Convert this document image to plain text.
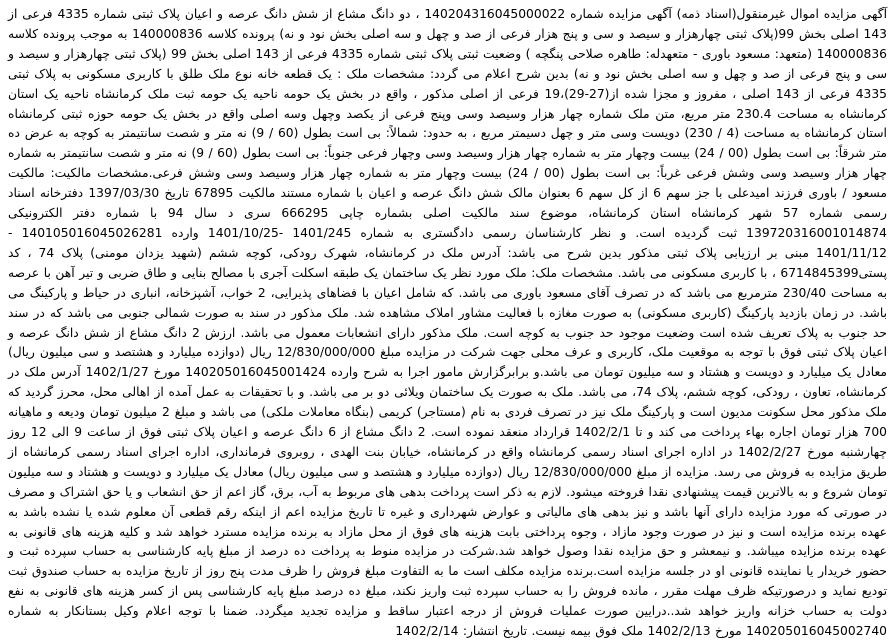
آگهی مزایده اموال غیرمنقول(اسناد ذمه) آگهی مزایده شماره 140204316045000022 ، دو دانگ مشاع از شش دانگ عرصه و اعیان پلاک ثبتی شماره 4335 فرعی از 143 اصلی بخش 99(پلاک ثبتی چهارهزار و سیصد و سی و پنج هزار فرعی از صد و چهل و سه اصلی بخش نود و نه) پرونده کلاسه 140000836 به موجب پرونده کلاسه 140000836 (متعهد: مسعود باوری - متعهدله: طاهره صلاحی پنگچه ) وضعیت ثبتی پلاک ثبتی شماره 4335 فرعی از 143 اصلی بخش 99 (پلاک ثبتی چهارهزار و سیصد و سی و پنج فرعی از صد و چهل و سه اصلی بخش نود و نه) بدین شرح اعلام می گردد: مشخصات ملک : یک قطعه خانه نوع ملک طلق با کاربری مسکونی به پلاک ثبتی 4335 فرعی از 143 اصلی ، مفروز و مجزا شده از(27-29)،19 فرعی از اصلی مذکور ، واقع در بخش یک حومه ناحیه یک حومه ثبت ملک کرمانشاه ناحیه یک استان کرمانشاه به مساحت 230.4 متر مربع، متن ملک شماره چهار هزار وسیصد وسی وپنج فرعی از یکصد وچهل وسه اصلی واقع در بخش یک حومه حوزه ثبتی کرمانشاه استان کرمانشاه به مساحت (4 / 230) دویست وسی متر و چهل دسیمتر مربع ، به حدود: شمالاً: بی است بطول (60 / 9) نه متر و شصت سانتیمتر به کوچه به عرض ده متر شرقاً: بی است بطول (00 / 24) بیست وچهار متر به شماره چهار هزار وسیصد وسی وچهار فرعی جنوباً: بی است بطول (60 / 9) نه متر و شصت سانتیمتر به شماره چهار هزار وسیصد وسی وشش فرعی غرباً: بی است بطول (00 / 24) بیست وچهار متر به شماره چهار هزار وسیصد وسی وشش فرعی.مشخصات مالکیت: مالکیت مسعود / باوری فرزند امیدعلی با جز سهم 6 از کل سهم 6 بعنوان مالک شش دانگ عرصه و اعیان با شماره مستند مالکیت 67895 تاریخ 1397/03/30 دفترخانه اسناد رسمی شماره 57 شهر کرمانشاه استان کرمانشاه، موضوع سند مالکیت اصلی بشماره چاپی 666295 سری د سال 94 با شماره دفتر الکترونیکی 139720316001014874 ثبت گردیده است. و نظر کارشناسان رسمی دادگستری به شماره 1401/245 -1401/10/25 وارده 140105016045026281 - 1401/11/12 مبنی بر ارزیابی پلاک ثبتی مذکور بدین شرح می باشد: آدرس ملک در کرمانشاه، شهرک رودکی، کوچه ششم (شهید یزدان مومنی) پلاک 74 ، کد پستی6714845399 ، با کاربری مسکونی می باشد. مشخصات ملک: ملک مورد نظر یک ساختمان یک طبقه اسکلت آجری با مصالح بنایی و طاق ضربی و تیر آهن با عرصه به مساحت 230/40 مترمربع می باشد که در تصرف آقای مسعود باوری می باشد. که شامل اعیان با فضاهای پذیرایی، 2 خواب، آشپزخانه، انباری در حیاط و پارکینگ می باشد. در زمان بازدید پارکینگ (کاربری مسکونی) به صورت مغازه با فعالیت مشاور املاک مشاهده شد. ملک مذکور در سند به صورت شمالی جنوبی می باشد که در سند حد جنوب به پلاک تعریف شده است وضعیت موجود حد جنوب به کوچه است. ملک مذکور دارای انشعابات معمول می باشد. ارزش 2 دانگ مشاع از شش دانگ عرصه و اعیان پلاک ثبتی فوق با توجه به موقعیت ملک، کاربری و عرف محلی جهت شرکت در مزایده مبلغ 12/830/000/000 ریال (دوازده میلیارد و هشتصد و سی میلیون ریال) معادل یک میلیارد و دویست و هشتاد و سه میلیون تومان می باشد.و برابرگزارش مامور اجرا به شرح وارده 140205016045001424 مورخ 1402/1/27 آدرس ملک در کرمانشاه، تعاون ، رودکی، کوچه ششم، پلاک 74، می باشد. ملک به صورت یک ساختمان ویلائی دو بر می باشد. و با تحقیقات به عمل آمده از اهالی محل، محرز گردید که ملک مذکور محل سکونت مدیون است و پارکینگ ملک نیز در تصرف فردی به نام (مستاجر) کریمی (بنگاه معاملات ملکی) می باشد و مبلغ 2 میلیون تومان ودیعه و ماهیانه 700 هزار تومان اجاره بهاء پرداخت می کند و تا 1402/2/1 قرارداد منعقد نموده است. 2 دانگ مشاع از 6 دانگ عرصه و اعیان پلاک ثبتی فوق از ساعت 9 الی 12 روز چهارشنبه مورخ 1402/2/27 در اداره اجرای اسناد رسمی کرمانشاه واقع در کرمانشاه، خیابان بنت الهدی ، روبروی فرمانداری، اداره اجرای اسناد رسمی کرمانشاه از طریق مزایده به فروش می رسد. مزایده از مبلغ 12/830/000/000 ریال (دوازده میلیارد و هشتصد و سی میلیون ریال) معادل یک میلیارد و دویست و هشتاد و سه میلیون تومان شروع و به بالاترین قیمت پیشنهادی نقدا فروخته میشود. لازم به ذکر است پرداخت بدهی های مربوط به آب، برق، گاز اعم از حق انشعاب و یا حق اشتراک و مصرف در صورتی که مورد مزایده دارای آنها باشد و نیز بدهی های مالیاتی و عوارض شهرداری و غیره تا تاریخ مزایده اعم از اینکه رقم قطعی آن معلوم شده یا نشده باشد به عهده برنده مزایده است و نیز در صورت وجود مازاد ، وجوه پرداختی بابت هزینه های فوق از محل مازاد به برنده مزایده مسترد خواهد شد و کلیه هزینه های قانونی به عهده برنده مزایده میباشد. و نیمعشر و حق مزایده نقدا وصول خواهد شد.شرکت در مزایده منوط به پرداخت ده درصد از مبلغ پایه کارشناسی به حساب سپرده ثبت و حضور خریدار یا نماینده قانونی او در جلسه مزایده است.برنده مزایده مکلف است ما به التفاوت مبلغ فروش را ظرف مدت پنج روز از تاریخ مزایده به حساب صندوق ثبت تودیع نماید و درصورتیکه ظرف مهلت مقرر ، مانده فروش را به حساب سپرده ثبت واریز نکند، مبلغ ده درصد مبلغ پایه کارشناسی پس از کسر هزینه های قانونی به نفع دولت به حساب خزانه واریز خواهد شد..درایین صورت عملیات فروش از درجه اعتبار ساقط و مزایده تجدید میگردد. ضمنا با توجه اعلام وکیل بستانکار به شماره 140205016045002740 مورخ 1402/2/13 ملک فوق بیمه نیست. تاریخ انتشار: 1402/2/14
